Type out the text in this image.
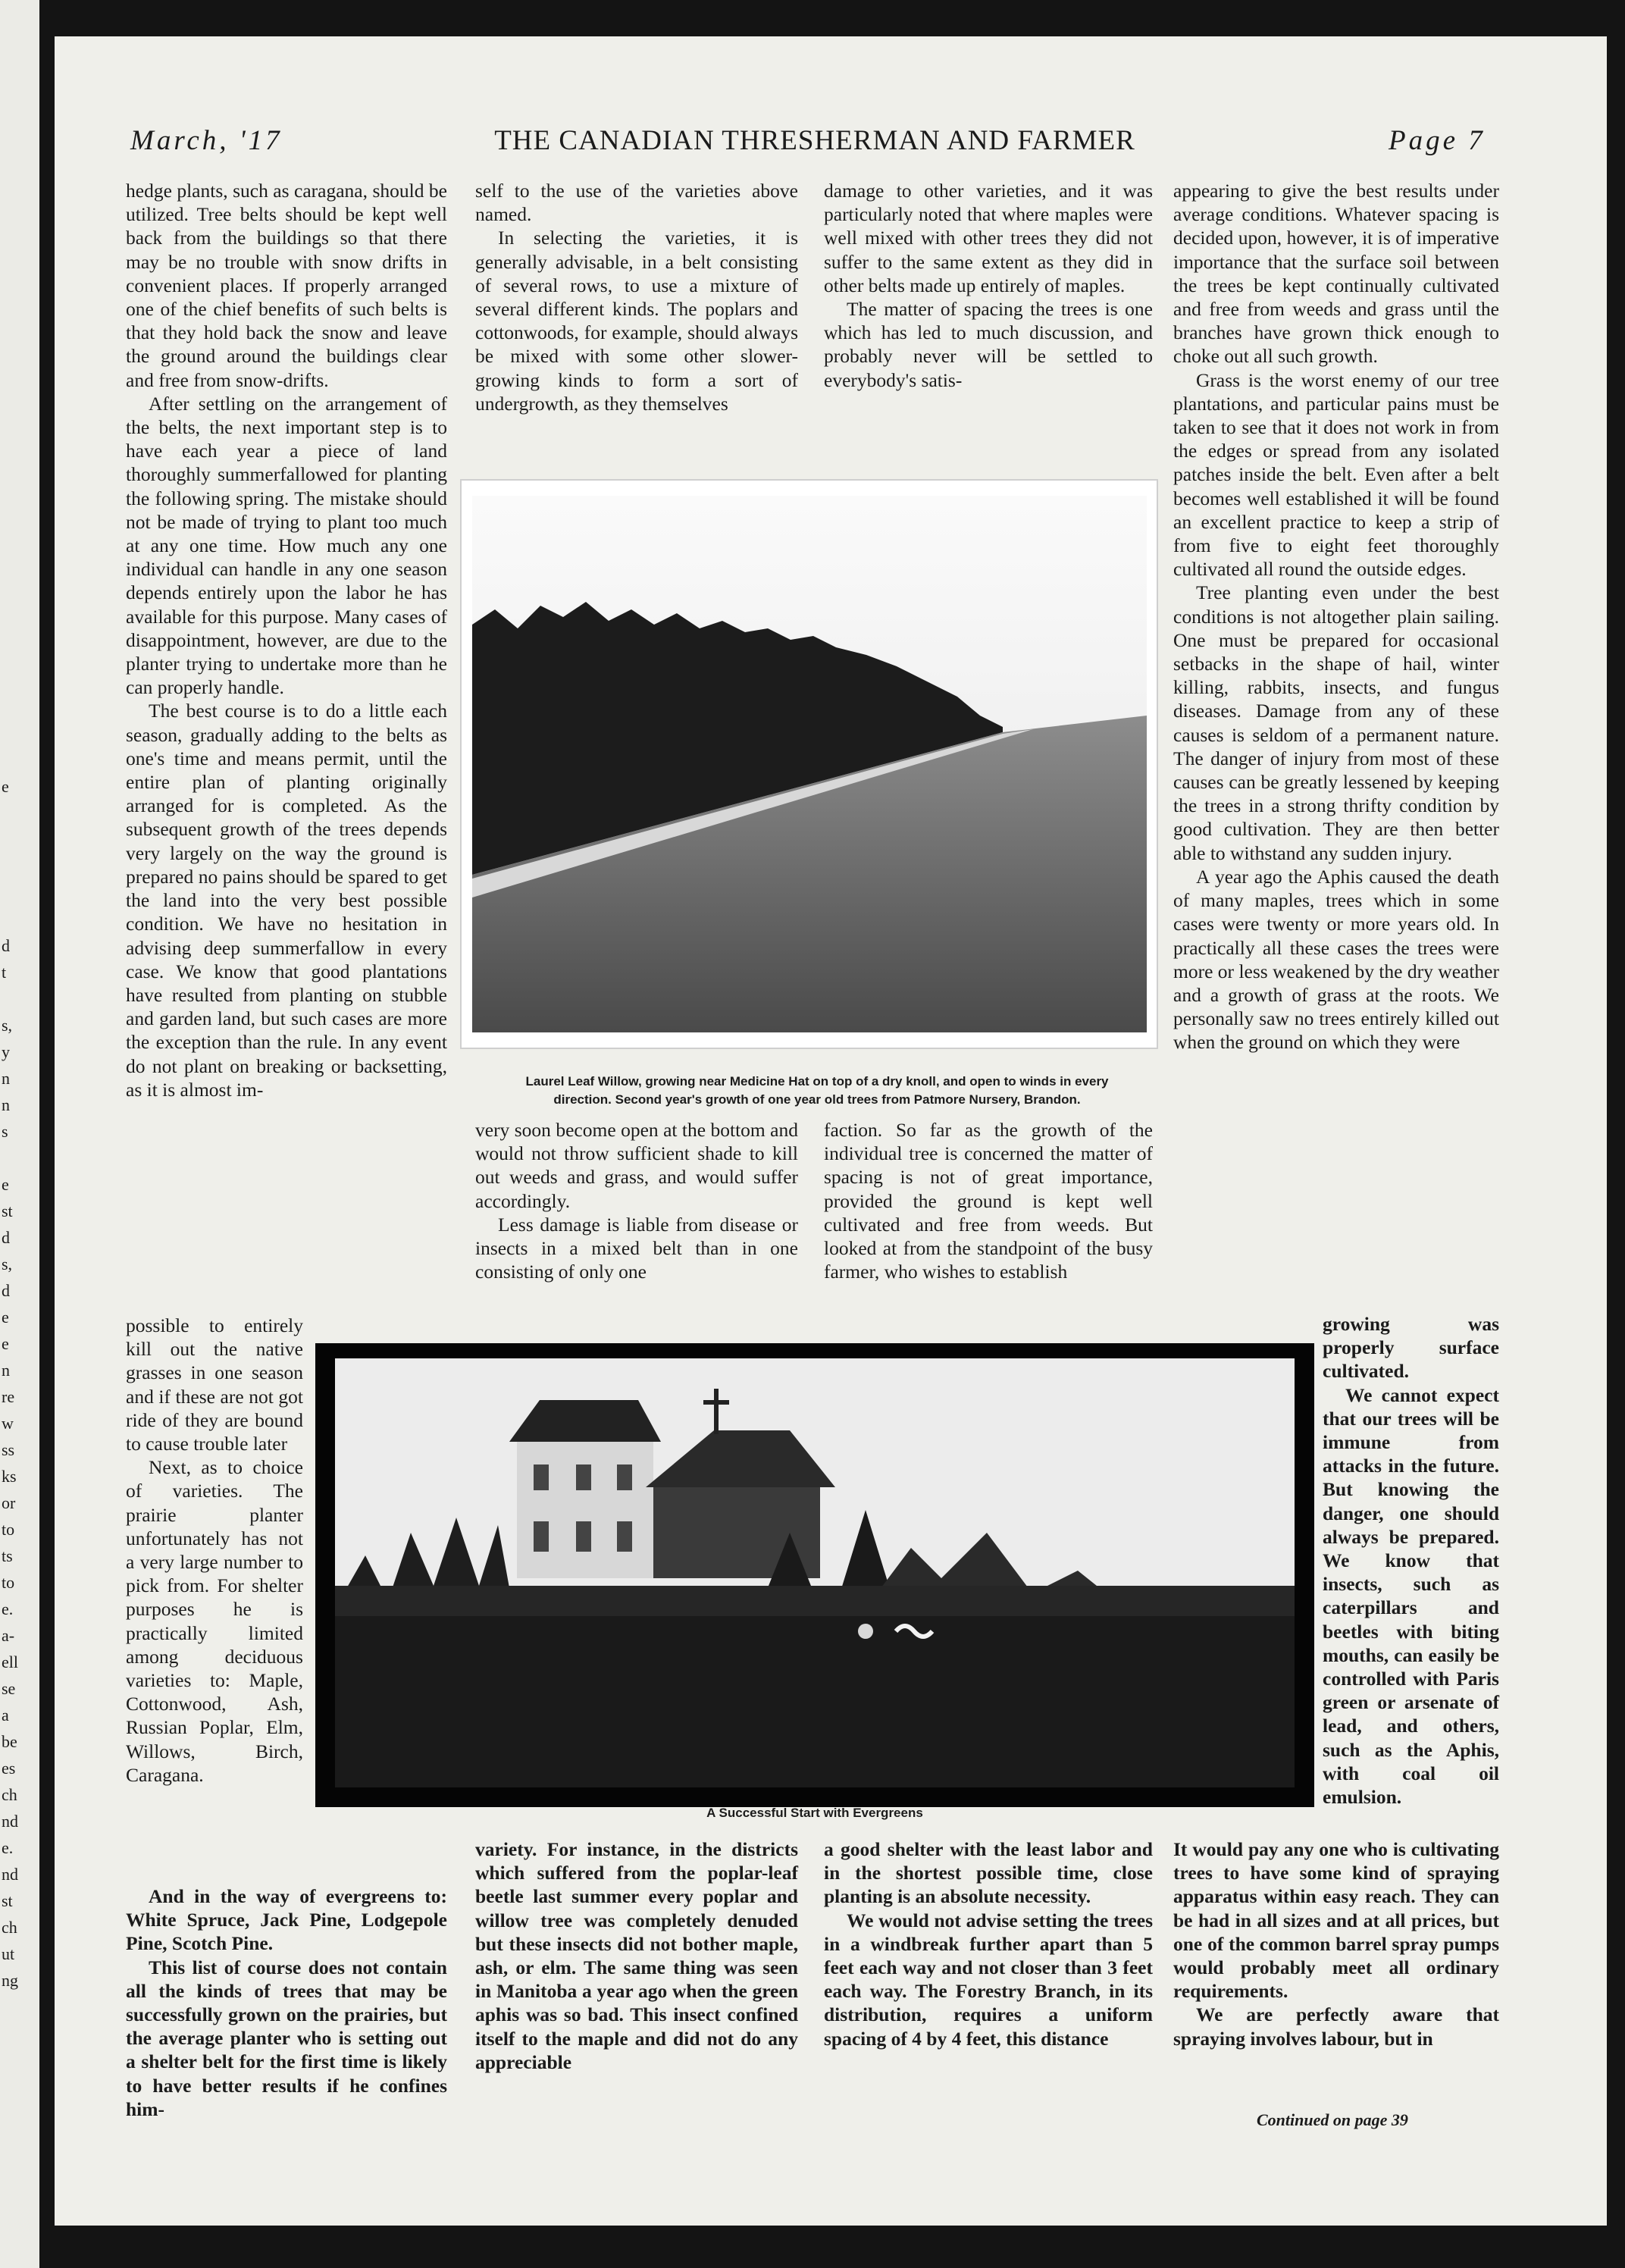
e
d
t
s,
y
n
n
s
e
st
d
s,
d
e
e
n
re
w
ss
ks
or
to
ts
to
e.
a-
ell
se
a
be
es
ch
nd
e.
nd
st
ch
ut
ng
March, '17	THE CANADIAN THRESHERMAN AND FARMER	Page 7

hedge plants, such as caragana, should be utilized. Tree belts should be kept well back from the buildings so that there may be no trouble with snow drifts in convenient places. If properly arranged one of the chief benefits of such belts is that they hold back the snow and leave the ground around the buildings clear and free from snow-drifts.

After settling on the arrangement of the belts, the next important step is to have each year a piece of land thoroughly summerfallowed for planting the following spring. The mistake should not be made of trying to plant too much at any one time. How much any one individual can handle in any one season depends entirely upon the labor he has available for this purpose. Many cases of disappointment, however, are due to the planter trying to undertake more than he can properly handle.

The best course is to do a little each season, gradually adding to the belts as one's time and means permit, until the entire plan of planting originally arranged for is completed. As the subsequent growth of the trees depends very largely on the way the ground is prepared no pains should be spared to get the land into the very best possible condition. We have no hesitation in advising deep summerfallow in every case. We know that good plantations have resulted from planting on stubble and garden land, but such cases are more the exception than the rule. In any event do not plant on breaking or backsetting, as it is almost im-

possible to entirely kill out the native grasses in one season and if these are not got ride of they are bound to cause trouble later

Next, as to choice of varieties. The prairie planter unfortunately has not a very large number to pick from. For shelter purposes he is practically limited among deciduous varieties to: Maple, Cottonwood, Ash, Russian Poplar, Elm, Willows, Birch, Caragana.

And in the way of evergreens to: White Spruce, Jack Pine, Lodgepole Pine, Scotch Pine.

This list of course does not contain all the kinds of trees that may be successfully grown on the prairies, but the average planter who is setting out a shelter belt for the first time is likely to have better results if he confines him-

self to the use of the varieties above named.

In selecting the varieties, it is generally advisable, in a belt consisting of several rows, to use a mixture of several different kinds. The poplars and cottonwoods, for example, should always be mixed with some other slower-growing kinds to form a sort of undergrowth, as they themselves

very soon become open at the bottom and would not throw sufficient shade to kill out weeds and grass, and would suffer accordingly.

Less damage is liable from disease or insects in a mixed belt than in one consisting of only one

variety. For instance, in the districts which suffered from the poplar-leaf beetle last summer every poplar and willow tree was completely denuded but these insects did not bother maple, ash, or elm. The same thing was seen in Manitoba a year ago when the green aphis was so bad. This insect confined itself to the maple and did not do any appreciable

damage to other varieties, and it was particularly noted that where maples were well mixed with other trees they did not suffer to the same extent as they did in other belts made up entirely of maples.

The matter of spacing the trees is one which has led to much discussion, and probably never will be settled to everybody's satis-

faction. So far as the growth of the individual tree is concerned the matter of spacing is not of great importance, provided the ground is kept well cultivated and free from weeds. But looked at from the standpoint of the busy farmer, who wishes to establish

a good shelter with the least labor and in the shortest possible time, close planting is an absolute necessity.

We would not advise setting the trees in a windbreak further apart than 5 feet each way and not closer than 3 feet each way. The Forestry Branch, in its distribution, requires a uniform spacing of 4 by 4 feet, this distance

appearing to give the best results under average conditions. Whatever spacing is decided upon, however, it is of imperative importance that the surface soil between the trees be kept continually cultivated and free from weeds and grass until the branches have grown thick enough to choke out all such growth.

Grass is the worst enemy of our tree plantations, and particular pains must be taken to see that it does not work in from the edges or spread from any isolated patches inside the belt. Even after a belt becomes well established it will be found an excellent practice to keep a strip of from five to eight feet thoroughly cultivated all round the outside edges.

Tree planting even under the best conditions is not altogether plain sailing. One must be prepared for occasional setbacks in the shape of hail, winter killing, rabbits, insects, and fungus diseases. Damage from any of these causes is seldom of a permanent nature. The danger of injury from most of these causes can be greatly lessened by keeping the trees in a strong thrifty condition by good cultivation. They are then better able to withstand any sudden injury.

A year ago the Aphis caused the death of many maples, trees which in some cases were twenty or more years old. In practically all these cases the trees were more or less weakened by the dry weather and a growth of grass at the roots. We personally saw no trees entirely killed out when the ground on which they were

growing was properly surface cultivated.

We cannot expect that our trees will be immune from attacks in the future. But knowing the danger, one should always be prepared. We know that insects, such as caterpillars and beetles with biting mouths, can easily be controlled with Paris green or arsenate of lead, and others, such as the Aphis, with coal oil emulsion.

It would pay any one who is cultivating trees to have some kind of spraying apparatus within easy reach. They can be had in all sizes and at all prices, but one of the common barrel spray pumps would probably meet all ordinary requirements.

We are perfectly aware that spraying involves labour, but in

Laurel Leaf Willow, growing near Medicine Hat on top of a dry knoll, and open to winds in every
direction. Second year's growth of one year old trees from Patmore Nursery, Brandon.
A Successful Start with Evergreens
Continued on page 39
